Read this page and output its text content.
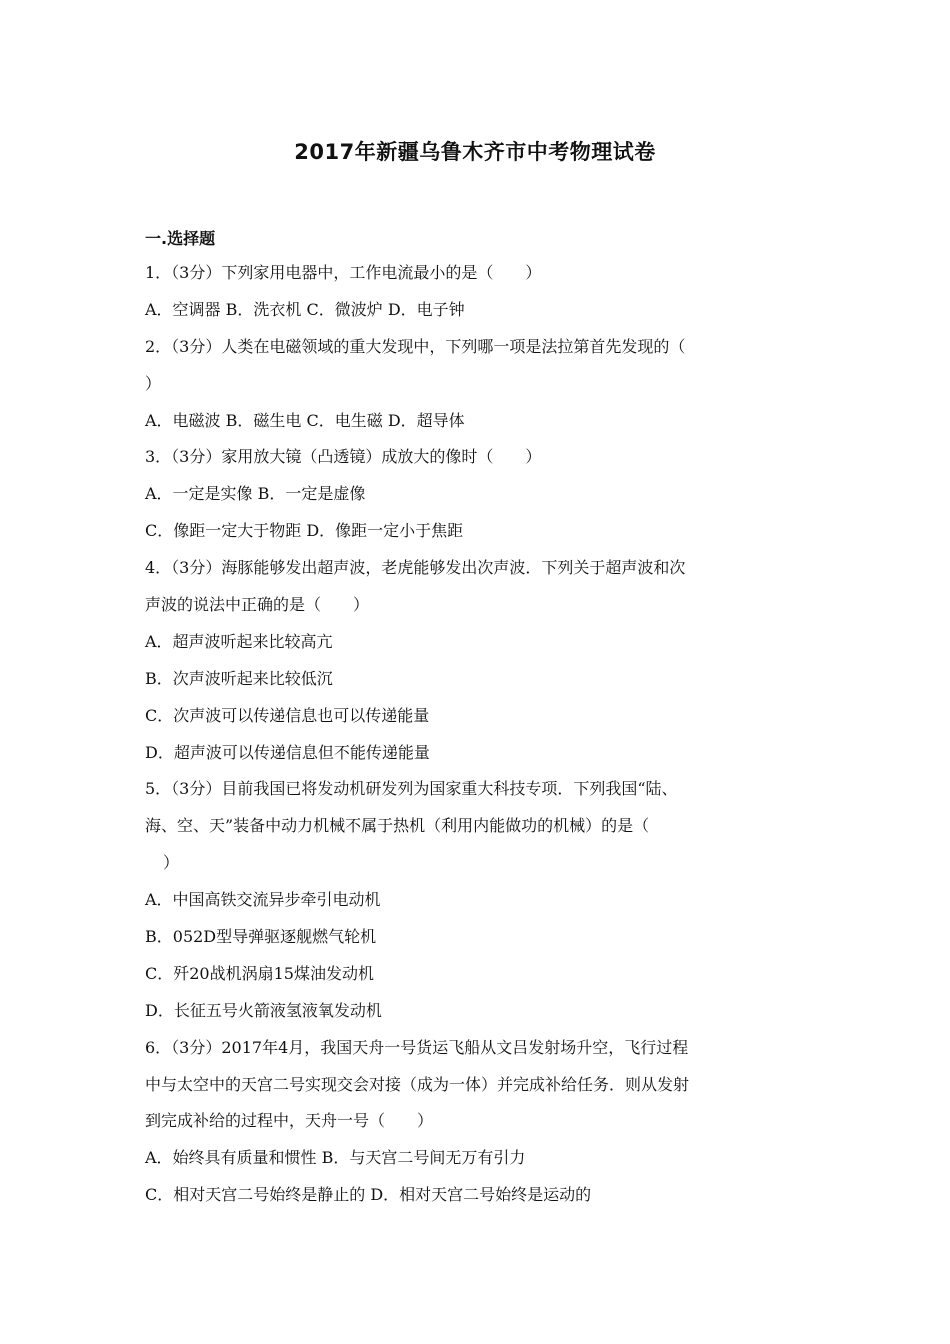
2017年新疆乌鲁木齐市中考物理试卷
一.选择题
1．（3分）下列家用电器中，工作电流最小的是（　　）
A．空调器 B．洗衣机 C．微波炉 D．电子钟
2．（3分）人类在电磁领域的重大发现中，下列哪一项是法拉第首先发现的（
）
A．电磁波 B．磁生电 C．电生磁 D．超导体
3．（3分）家用放大镜（凸透镜）成放大的像时（　　）
A．一定是实像 B．一定是虚像
C．像距一定大于物距 D．像距一定小于焦距
4．（3分）海豚能够发出超声波，老虎能够发出次声波．下列关于超声波和次
声波的说法中正确的是（　　）
A．超声波听起来比较高亢
B．次声波听起来比较低沉
C．次声波可以传递信息也可以传递能量
D．超声波可以传递信息但不能传递能量
5．（3分）目前我国已将发动机研发列为国家重大科技专项．下列我国“陆、
海、空、天”装备中动力机械不属于热机（利用内能做功的机械）的是（
）
A．中国高铁交流异步牵引电动机
B．052D型导弹驱逐舰燃气轮机
C．歼20战机涡扇15煤油发动机
D．长征五号火箭液氢液氧发动机
6．（3分）2017年4月，我国天舟一号货运飞船从文吕发射场升空，飞行过程
中与太空中的天宫二号实现交会对接（成为一体）并完成补给任务．则从发射
到完成补给的过程中，天舟一号（　　）
A．始终具有质量和惯性 B．与天宫二号间无万有引力
C．相对天宫二号始终是静止的 D．相对天宫二号始终是运动的
